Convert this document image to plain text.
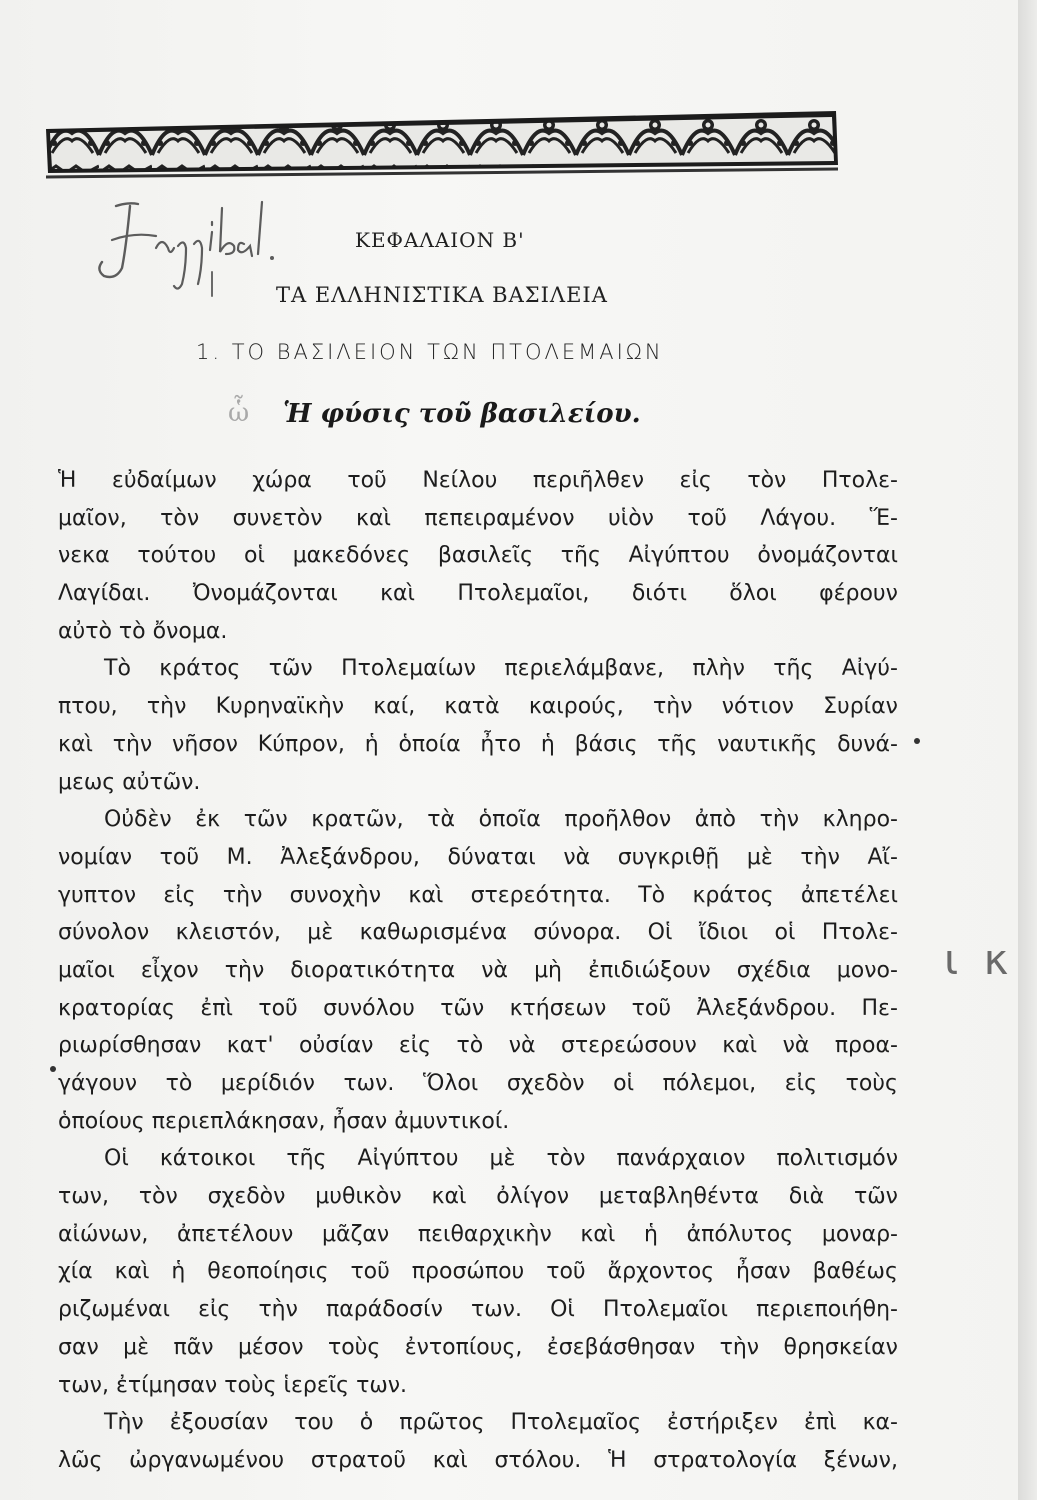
ΚΕΦΑΛΑΙΟΝ Β'
ΤΑ ΕΛΛΗΝΙΣΤΙΚΑ ΒΑΣΙΛΕΙΑ
1. ΤΟ ΒΑΣΙΛΕΙΟΝ ΤΩΝ ΠΤΟΛΕΜΑΙΩΝ
ὧ Ἡ φύσις τοῦ βασιλείου.
Ἡ εὐδαίμων χώρα τοῦ Νείλου περιῆλθεν εἰς τὸν Πτολε-
μαῖον, τὸν συνετὸν καὶ πεπειραμένον υἱὸν τοῦ Λάγου. Ἕ-
νεκα τούτου οἱ μακεδόνες βασιλεῖς τῆς Αἰγύπτου ὀνομάζονται
Λαγίδαι. Ὀνομάζονται καὶ Πτολεμαῖοι, διότι ὅλοι φέρουν
αὐτὸ τὸ ὄνομα.
Τὸ κράτος τῶν Πτολεμαίων περιελάμβανε, πλὴν τῆς Αἰγύ-
πτου, τὴν Κυρηναϊκὴν καί, κατὰ καιρούς, τὴν νότιον Συρίαν
καὶ τὴν νῆσον Κύπρον, ἡ ὁποία ἦτο ἡ βάσις τῆς ναυτικῆς δυνά-
μεως αὐτῶν.
Οὐδὲν ἐκ τῶν κρατῶν, τὰ ὁποῖα προῆλθον ἀπὸ τὴν κληρο-
νομίαν τοῦ Μ. Ἀλεξάνδρου, δύναται νὰ συγκριθῇ μὲ τὴν Αἴ-
γυπτον εἰς τὴν συνοχὴν καὶ στερεότητα. Τὸ κράτος ἀπετέλει
σύνολον κλειστόν, μὲ καθωρισμένα σύνορα. Οἱ ἴδιοι οἱ Πτολε-
μαῖοι εἶχον τὴν διορατικότητα νὰ μὴ ἐπιδιώξουν σχέδια μονο-
κρατορίας ἐπὶ τοῦ συνόλου τῶν κτήσεων τοῦ Ἀλεξάνδρου. Πε-
ριωρίσθησαν κατ' οὐσίαν εἰς τὸ νὰ στερεώσουν καὶ νὰ προα-
γάγουν τὸ μερίδιόν των. Ὅλοι σχεδὸν οἱ πόλεμοι, εἰς τοὺς
ὁποίους περιεπλάκησαν, ἦσαν ἀμυντικοί.
Οἱ κάτοικοι τῆς Αἰγύπτου μὲ τὸν πανάρχαιον πολιτισμόν
των, τὸν σχεδὸν μυθικὸν καὶ ὀλίγον μεταβληθέντα διὰ τῶν
αἰώνων, ἀπετέλουν μᾶζαν πειθαρχικὴν καὶ ἡ ἀπόλυτος μοναρ-
χία καὶ ἡ θεοποίησις τοῦ προσώπου τοῦ ἄρχοντος ἦσαν βαθέως
ριζωμέναι εἰς τὴν παράδοσίν των. Οἱ Πτολεμαῖοι περιεποιήθη-
σαν μὲ πᾶν μέσον τοὺς ἐντοπίους, ἐσεβάσθησαν τὴν θρησκείαν
των, ἐτίμησαν τοὺς ἱερεῖς των.
Τὴν ἐξουσίαν του ὁ πρῶτος Πτολεμαῖος ἐστήριξεν ἐπὶ κα-
λῶς ὠργανωμένου στρατοῦ καὶ στόλου. Ἡ στρατολογία ξένων,
ι κ
